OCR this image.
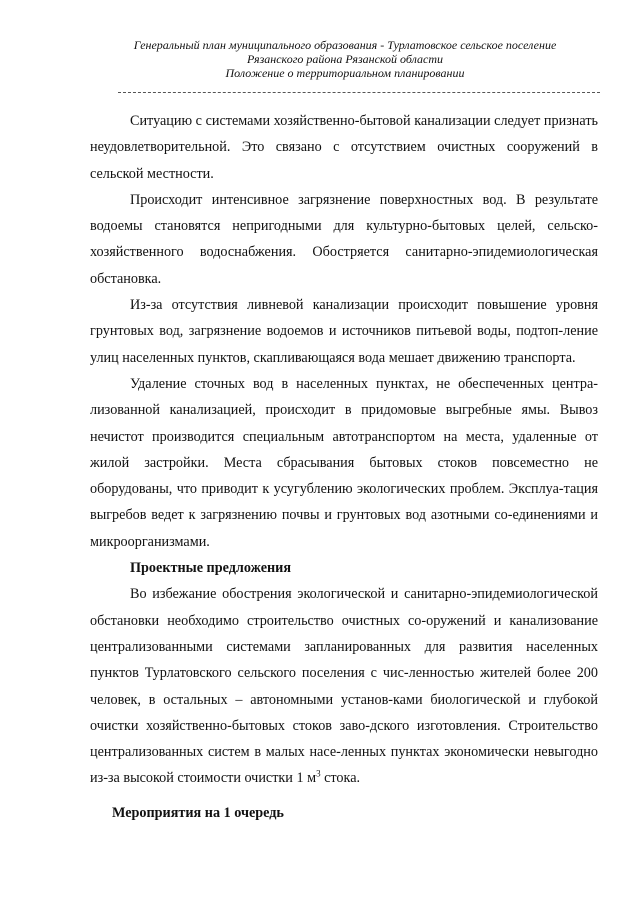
Генеральный план муниципального образования - Турлатовское сельское поселение
Рязанского района Рязанской области
Положение о территориальном планировании

Ситуацию с системами хозяйственно-бытовой канализации следует признать неудовлетворительной. Это связано с отсутствием очистных сооружений в сельской местности.

Происходит интенсивное загрязнение поверхностных вод. В результате водоемы становятся непригодными для культурно-бытовых целей, сельско-хозяйственного водоснабжения. Обостряется санитарно-эпидемиологическая обстановка.

Из-за отсутствия ливневой канализации происходит повышение уровня грунтовых вод, загрязнение водоемов и источников питьевой воды, подтоп-ление улиц населенных пунктов, скапливающаяся вода мешает движению транспорта.

Удаление сточных вод в населенных пунктах, не обеспеченных центра-лизованной канализацией, происходит в придомовые выгребные ямы. Вывоз нечистот производится специальным автотранспортом на места, удаленные от жилой застройки. Места сбрасывания бытовых стоков повсеместно не оборудованы, что приводит к усугублению экологических проблем. Эксплуа-тация выгребов ведет к загрязнению почвы и грунтовых вод азотными со-единениями и микроорганизмами.

Проектные предложения

Во избежание обострения экологической и санитарно-эпидемиологической обстановки необходимо строительство очистных со-оружений и канализование централизованными системами запланированных для развития населенных пунктов Турлатовского сельского поселения с чис-ленностью жителей более 200 человек, в остальных – автономными установ-ками биологической и глубокой очистки хозяйственно-бытовых стоков заво-дского изготовления. Строительство централизованных систем в малых насе-ленных пунктах экономически невыгодно из-за высокой стоимости очистки 1 $м^3$ стока.

Мероприятия на 1 очередь
